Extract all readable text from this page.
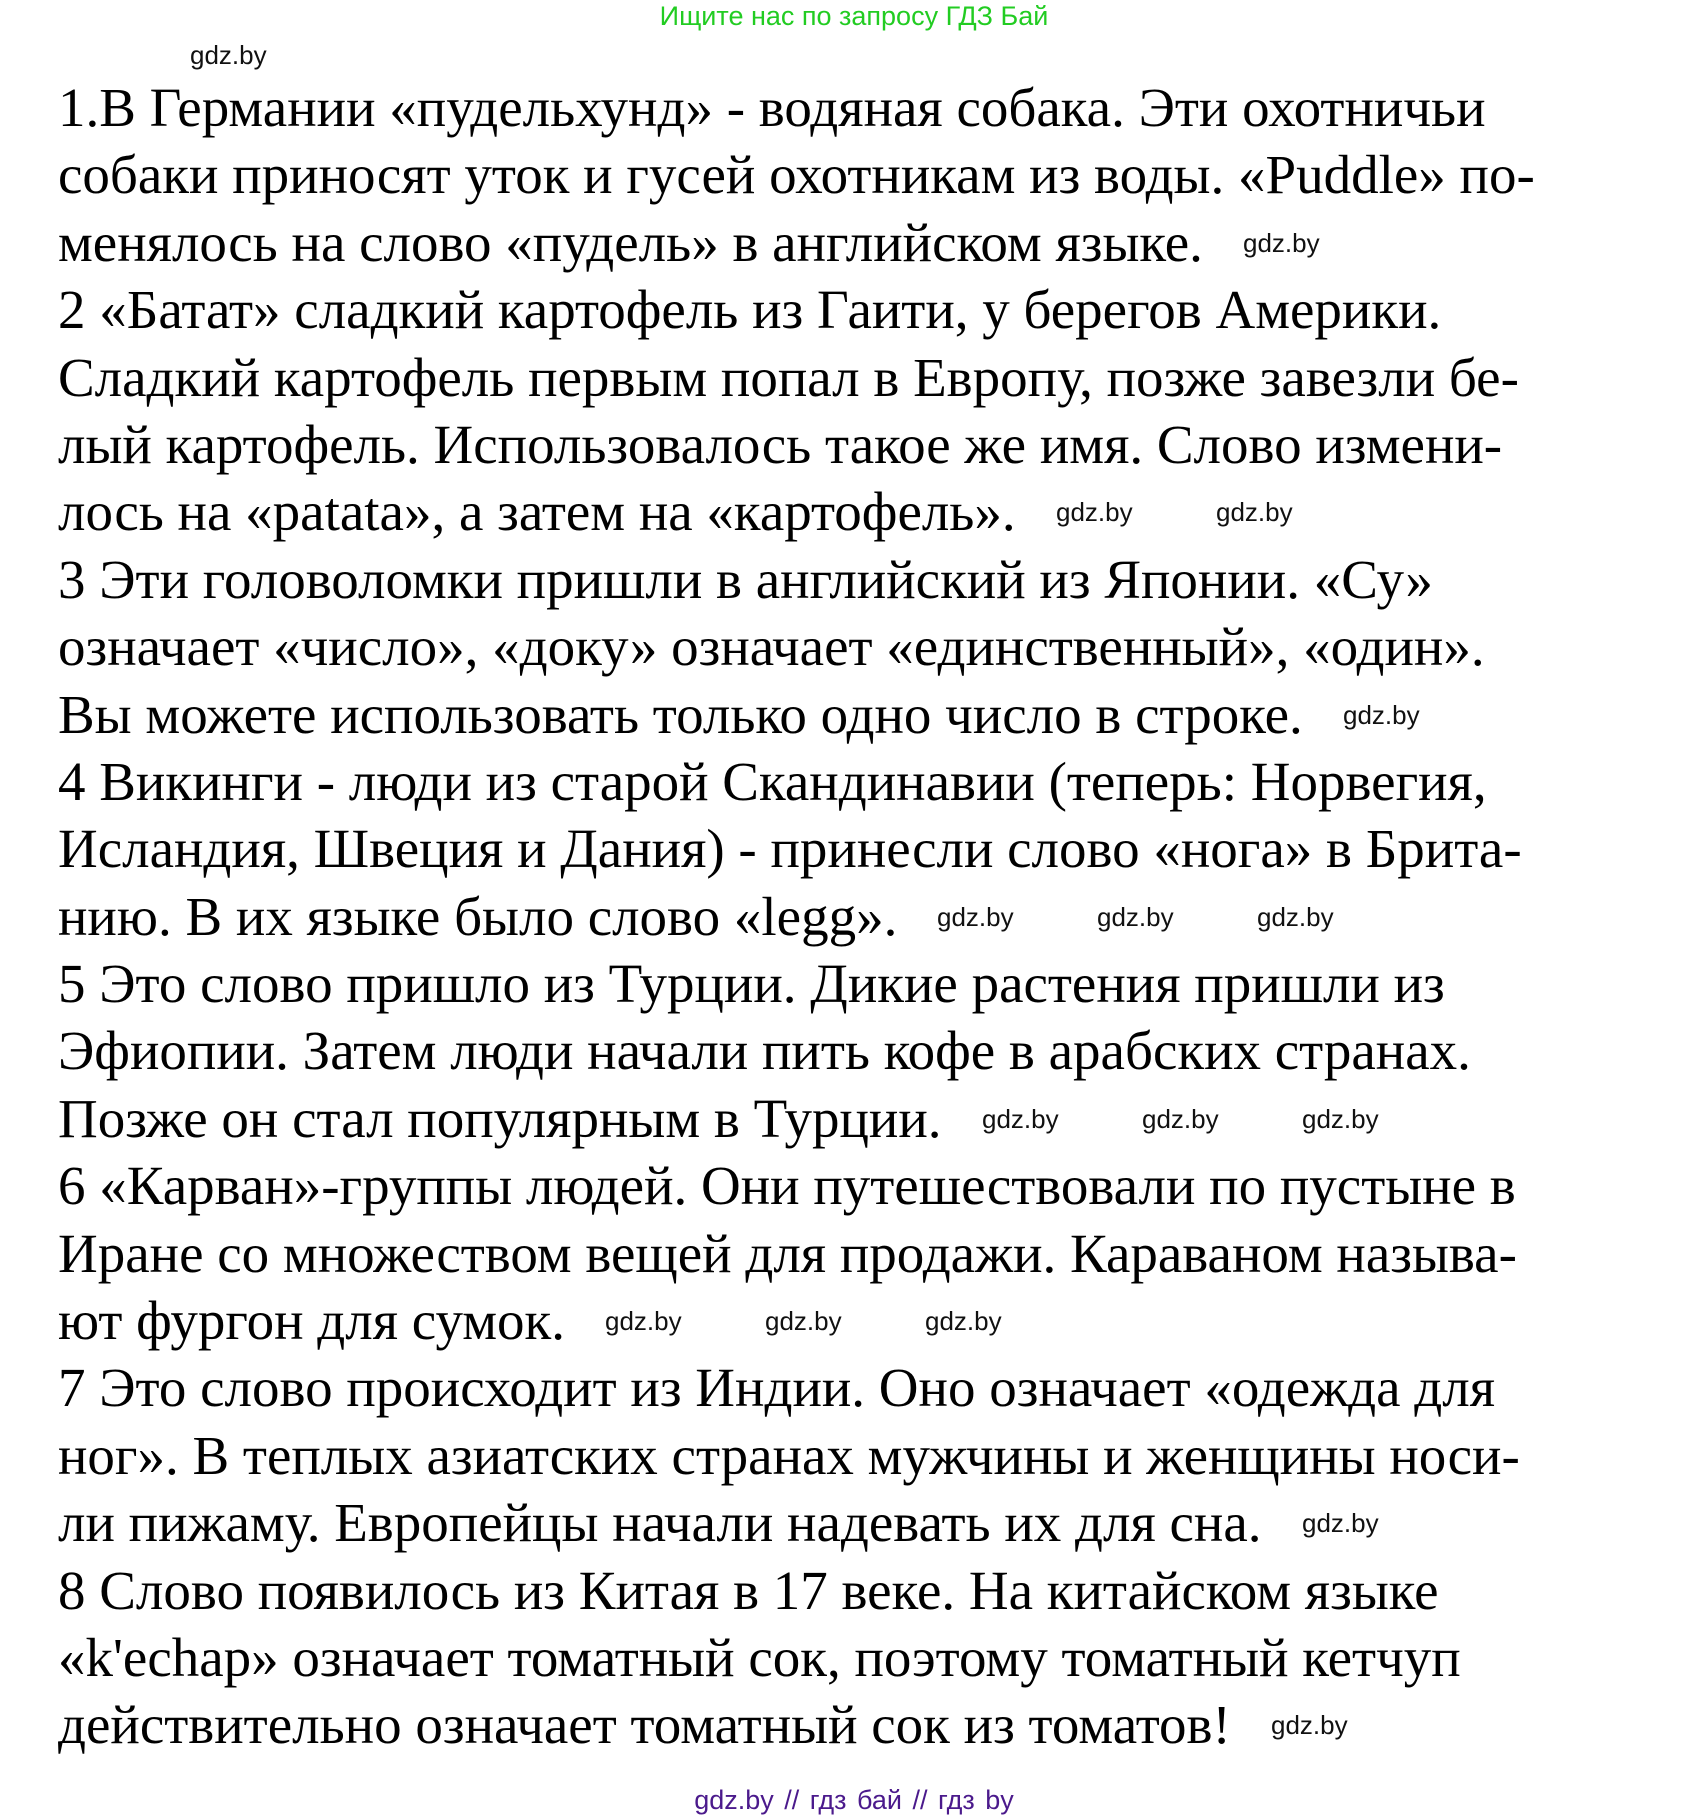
Ищите нас по запросу ГДЗ Бай
1.В Германии «пудельхунд» - водяная собака. Эти охотничьи
собаки приносят уток и гусей охотникам из воды. «Puddle» по-
менялось на слово «пудель» в английском языке.
2 «Батат» сладкий картофель из Гаити, у берегов Америки.
Сладкий картофель первым попал в Европу, позже завезли бе-
лый картофель. Использовалось такое же имя. Слово измени-
лось на «patata», а затем на «картофель».
3 Эти головоломки пришли в английский из Японии. «Су»
означает «число», «доку» означает «единственный», «один».
Вы можете использовать только одно число в строке.
4 Викинги - люди из старой Скандинавии (теперь: Норвегия,
Исландия, Швеция и Дания) - принесли слово «нога» в Брита-
нию. В их языке было слово «legg».
5 Это слово пришло из Турции. Дикие растения пришли из
Эфиопии. Затем люди начали пить кофе в арабских странах.
Позже он стал популярным в Турции.
6 «Карван»-группы людей. Они путешествовали по пустыне в
Иране со множеством вещей для продажи. Караваном называ-
ют фургон для сумок.
7 Это слово происходит из Индии. Оно означает «одежда для
ног». В теплых азиатских странах мужчины и женщины носи-
ли пижаму. Европейцы начали надевать их для сна.
8 Слово появилось из Китая в 17 веке. На китайском языке
«k'echap» означает томатный сок, поэтому томатный кетчуп
действительно означает томатный сок из томатов!
gdz.by
gdz.by
gdz.by	gdz.by
gdz.by
gdz.by	gdz.by	gdz.by
gdz.by	gdz.by	gdz.by
gdz.by	gdz.by	gdz.by
gdz.by
gdz.by
gdz.by // гдз бай // гдз by
